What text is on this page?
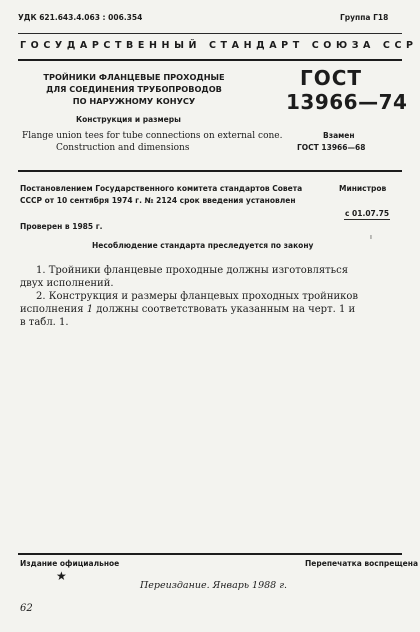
УДК 621.643.4.063 : 006.354	Группа Г18
ГОСУДАРСТВЕННЫЙ СТАНДАРТ СОЮЗА ССР
ТРОЙНИКИ ФЛАНЦЕВЫЕ ПРОХОДНЫЕ
ДЛЯ СОЕДИНЕНИЯ ТРУБОПРОВОДОВ
ПО НАРУЖНОМУ КОНУСУ
Конструкция и размеры
Flange union tees for tube connections on external cone.
Construction and dimensions
ГОСТ
13966—74
Взамен
ГОСТ 13966—68
Постановлением Государственного комитета стандартов Совета	Министров
СССР от 10 сентября 1974 г. № 2124 срок введения установлен
с 01.07.75
Проверен в 1985 г.
Несоблюдение стандарта преследуется по закону
ı
1. Тройники фланцевые проходные должны изготовляться
двух исполнений.
2. Конструкция и размеры фланцевых проходных тройников
исполнения 1 должны соответствовать указанным на черт. 1 и
в табл. 1.
Издание официальное	Перепечатка воспрещена
★
Переиздание. Январь 1988 г.
62
